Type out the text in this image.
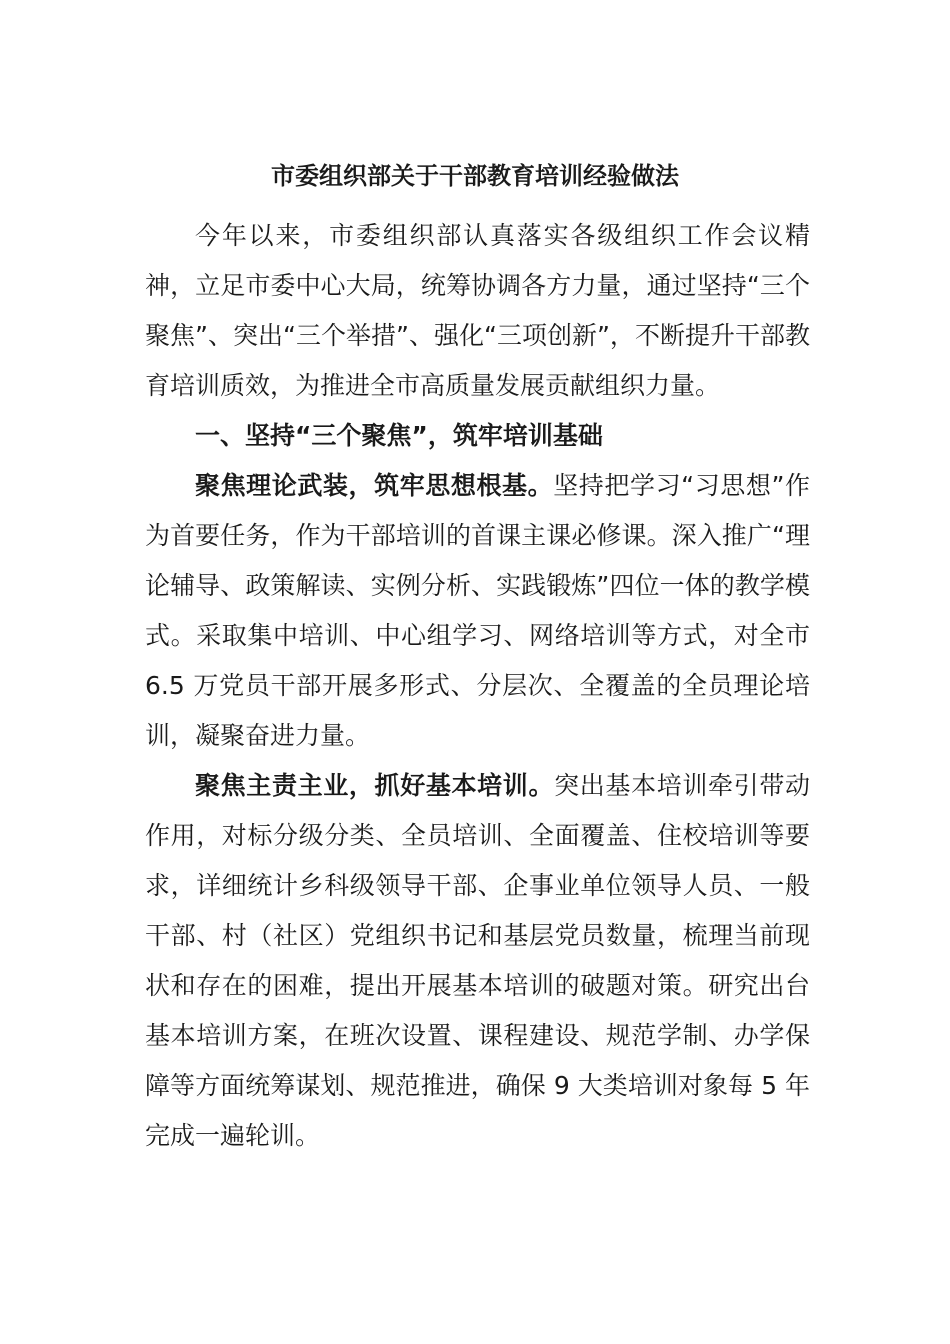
市委组织部关于干部教育培训经验做法

今年以来，市委组织部认真落实各级组织工作会议精神，立足市委中心大局，统筹协调各方力量，通过坚持“三个聚焦”、突出“三个举措”、强化“三项创新”，不断提升干部教育培训质效，为推进全市高质量发展贡献组织力量。

一、坚持“三个聚焦”，筑牢培训基础

聚焦理论武装，筑牢思想根基。坚持把学习“习思想”作为首要任务，作为干部培训的首课主课必修课。深入推广“理论辅导、政策解读、实例分析、实践锻炼”四位一体的教学模式。采取集中培训、中心组学习、网络培训等方式，对全市 6.5 万党员干部开展多形式、分层次、全覆盖的全员理论培训，凝聚奋进力量。

聚焦主责主业，抓好基本培训。突出基本培训牵引带动作用，对标分级分类、全员培训、全面覆盖、住校培训等要求，详细统计乡科级领导干部、企事业单位领导人员、一般干部、村（社区）党组织书记和基层党员数量，梳理当前现状和存在的困难，提出开展基本培训的破题对策。研究出台基本培训方案，在班次设置、课程建设、规范学制、办学保障等方面统筹谋划、规范推进，确保 9 大类培训对象每 5 年完成一遍轮训。
